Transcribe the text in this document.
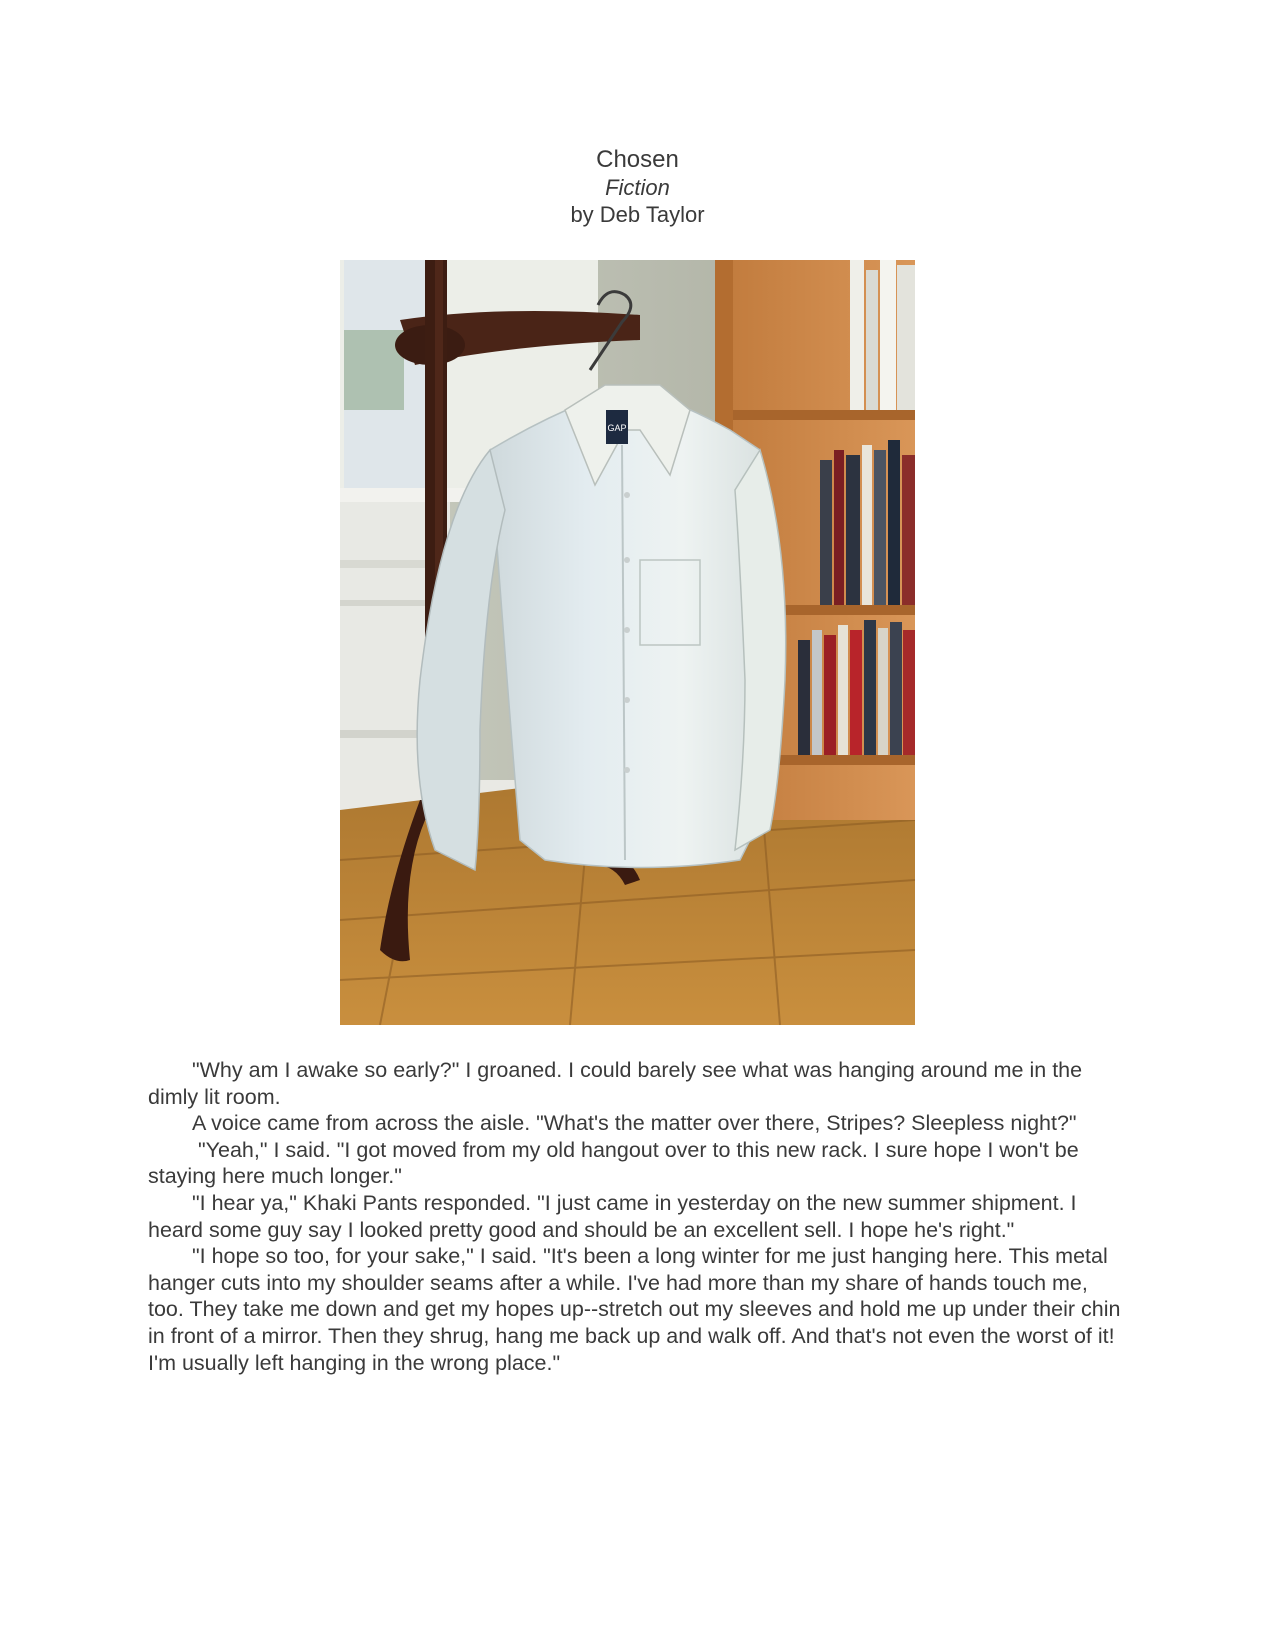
Chosen
Fiction
by Deb Taylor
GAP

"Why am I awake so early?" I groaned. I could barely see what was hanging around me in the dimly lit room.

A voice came from across the aisle. "What's the matter over there, Stripes? Sleepless night?"

"Yeah," I said. "I got moved from my old hangout over to this new rack. I sure hope I won't be staying here much longer."

"I hear ya," Khaki Pants responded. "I just came in yesterday on the new summer shipment. I heard some guy say I looked pretty good and should be an excellent sell. I hope he's right."

"I hope so too, for your sake," I said. "It's been a long winter for me just hanging here. This metal hanger cuts into my shoulder seams after a while. I've had more than my share of hands touch me, too. They take me down and get my hopes up--stretch out my sleeves and hold me up under their chin in front of a mirror. Then they shrug, hang me back up and walk off. And that's not even the worst of it! I'm usually left hanging in the wrong place."
